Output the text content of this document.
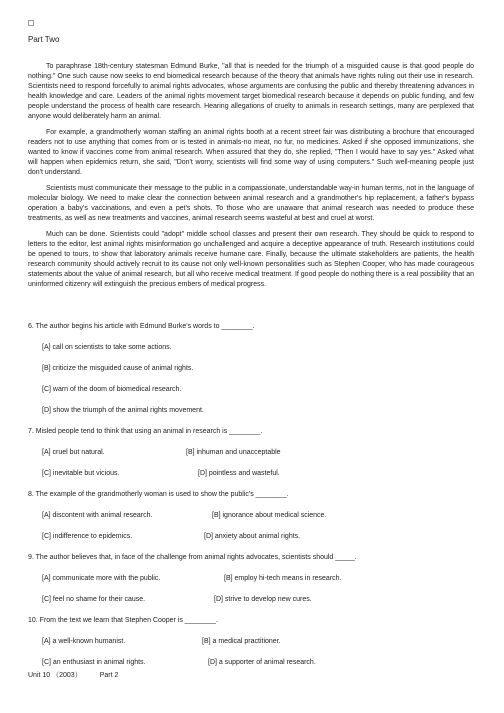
Part Two

To paraphrase 18th-century statesman Edmund Burke, "all that is needed for the triumph of a misguided cause is that good people do nothing." One such cause now seeks to end biomedical research because of the theory that animals have rights ruling out their use in research. Scientists need to respond forcefully to animal rights advocates, whose arguments are confusing the public and thereby threatening advances in health knowledge and care. Leaders of the animal rights movement target biomedical research because it depends on public funding, and few people understand the process of health care research. Hearing allegations of cruelty to animals in research settings, many are perplexed that anyone would deliberately harm an animal.

For example, a grandmotherly woman staffing an animal rights booth at a recent street fair was distributing a brochure that encouraged readers not to use anything that comes from or is tested in animals-no meat, no fur, no medicines. Asked if she opposed immunizations, she wanted to know if vaccines come from animal research. When assured that they do, she replied, "Then I would have to say yes." Asked what will happen when epidemics return, she said, "Don't worry, scientists will find some way of using computers." Such well-meaning people just don't understand.

Scientists must communicate their message to the public in a compassionate, understandable way-in human terms, not in the language of molecular biology. We need to make clear the connection between animal research and a grandmother's hip replacement, a father's bypass operation a baby's vaccinations, and even a pet's shots. To those who are unaware that animal research was needed to produce these treatments, as well as new treatments and vaccines, animal research seems wasteful at best and cruel at worst.

Much can be done. Scientists could "adopt" middle school classes and present their own research. They should be quick to respond to letters to the editor, lest animal rights misinformation go unchallenged and acquire a deceptive appearance of truth. Research institutions could be opened to tours, to show that laboratory animals receive humane care. Finally, because the ultimate stakeholders are patients, the health research community should actively recruit to its cause not only well-known personalities such as Stephen Cooper, who has made courageous statements about the value of animal research, but all who receive medical treatment. If good people do nothing there is a real possibility that an uninformed citizenry will extinguish the precious embers of medical progress.

6. The author begins his article with Edmund Burke's words to ________.
[A] call on scientists to take some actions.
[B] criticize the misguided cause of animal rights.
[C] warn of the doom of biomedical research.
[D] show the triumph of the animal rights movement.
7. Misled people tend to think that using an animal in research is ________.
[A] cruel but natural.	[B] inhuman and unacceptable
[C] inevitable but vicious.	[D] pointless and wasteful.
8. The example of the grandmotherly woman is used to show the public's ________.
[A] discontent with animal research.	[B] ignorance about medical science.
[C] indifference to epidemics.	[D] anxiety about animal rights.
9. The author believes that, in face of the challenge from animal rights advocates, scientists should _____.
[A] communicate more with the public.	[B] employ hi-tech means in research.
[C] feel no shame for their cause.	[D] strive to develop new cures.
10. From the text we learn that Stephen Cooper is ________.
[A] a well-known humanist.	[B] a medical practitioner.
[C] an enthusiast in animal rights.	[D] a supporter of animal research.
Unit 10 （2003）	Part 2
